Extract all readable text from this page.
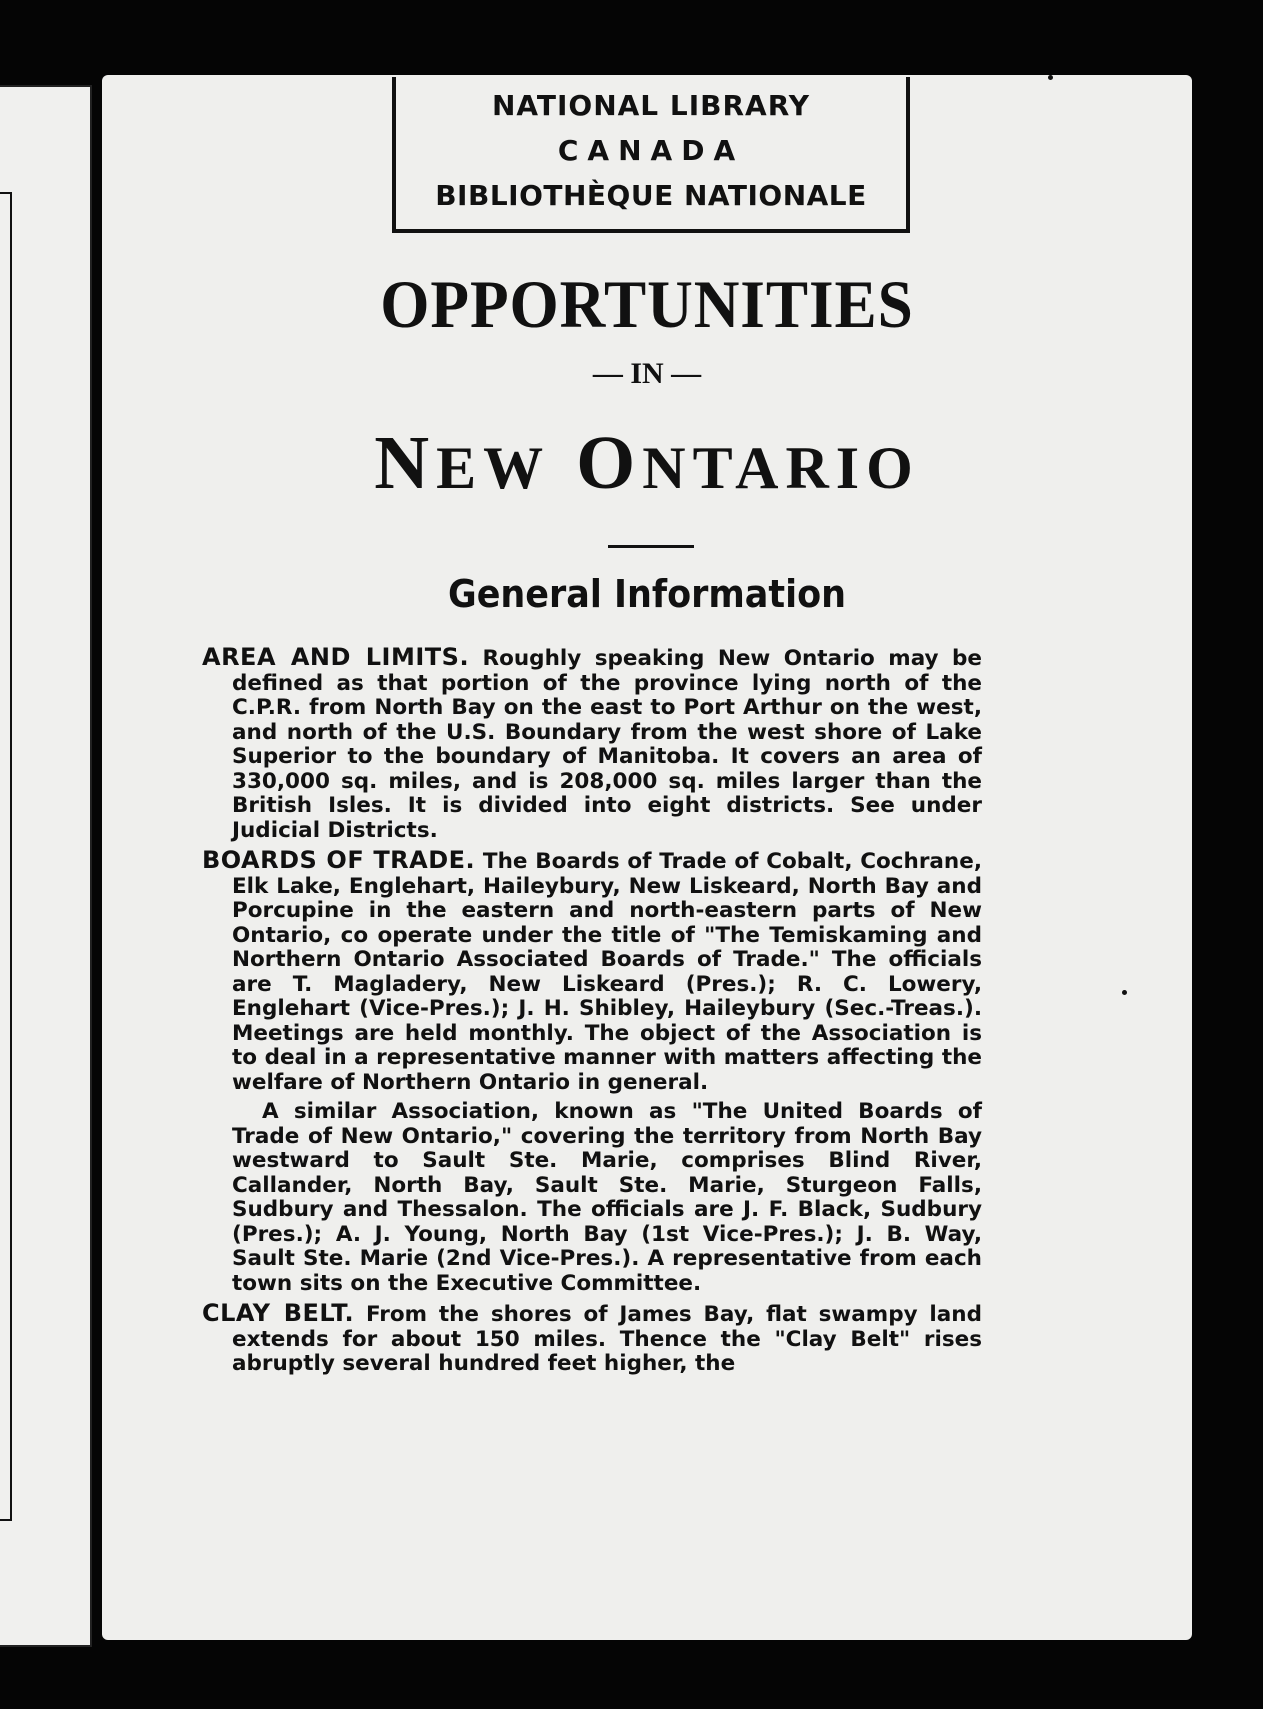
NATIONAL LIBRARY
CANADA
BIBLIOTHÈQUE NATIONALE
OPPORTUNITIES
— IN —
NEW ONTARIO
General Information

AREA AND LIMITS. Roughly speaking New Ontario may be defined as that portion of the province lying north of the C.P.R. from North Bay on the east to Port Arthur on the west, and north of the U.S. Boundary from the west shore of Lake Superior to the boundary of Manitoba. It covers an area of 330,000 sq. miles, and is 208,000 sq. miles larger than the British Isles. It is divided into eight districts. See under Judicial Districts.

BOARDS OF TRADE. The Boards of Trade of Cobalt, Cochrane, Elk Lake, Englehart, Haileybury, New Liskeard, North Bay and Porcupine in the eastern and north-eastern parts of New Ontario, co operate under the title of "The Temiskaming and Northern Ontario Associated Boards of Trade." The officials are T. Magladery, New Liskeard (Pres.); R. C. Lowery, Englehart (Vice-Pres.); J. H. Shibley, Haileybury (Sec.-Treas.). Meetings are held monthly. The object of the Association is to deal in a representative manner with matters affecting the welfare of Northern Ontario in general.

A similar Association, known as "The United Boards of Trade of New Ontario," covering the territory from North Bay westward to Sault Ste. Marie, comprises Blind River, Callander, North Bay, Sault Ste. Marie, Sturgeon Falls, Sudbury and Thessalon. The officials are J. F. Black, Sudbury (Pres.); A. J. Young, North Bay (1st Vice-Pres.); J. B. Way, Sault Ste. Marie (2nd Vice-Pres.). A representative from each town sits on the Executive Committee.

CLAY BELT. From the shores of James Bay, flat swampy land extends for about 150 miles. Thence the "Clay Belt" rises abruptly several hundred feet higher, the
